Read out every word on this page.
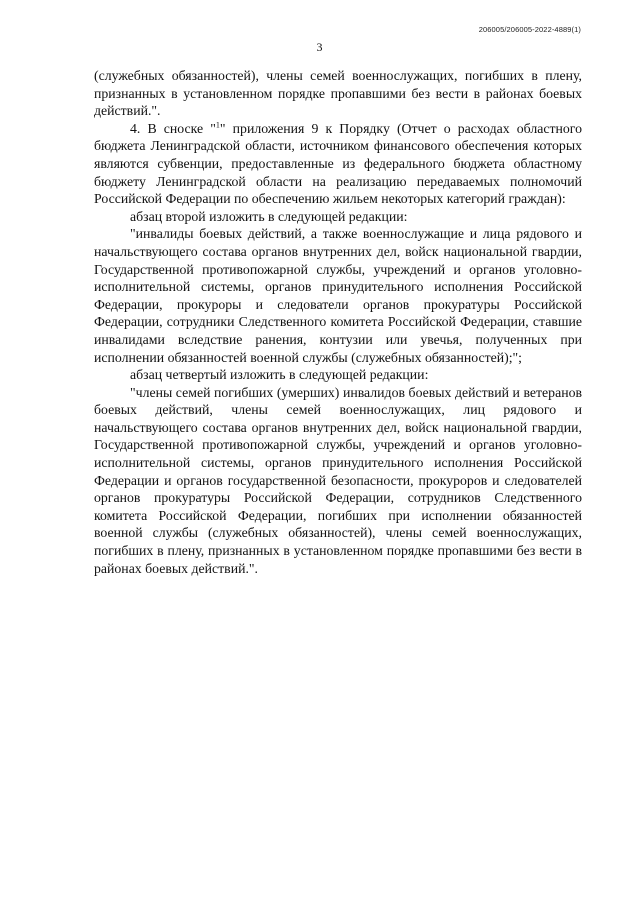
206005/206005-2022-4889(1)
3

(служебных обязанностей), члены семей военнослужащих, погибших в плену, признанных в установленном порядке пропавшими без вести в районах боевых действий.".

4. В сноске "$^1$" приложения 9 к Порядку (Отчет о расходах областного бюджета Ленинградской области, источником финансового обеспечения которых являются субвенции, предоставленные из федерального бюджета областному бюджету Ленинградской области на реализацию передаваемых полномочий Российской Федерации по обеспечению жильем некоторых категорий граждан):

абзац второй изложить в следующей редакции:

"инвалиды боевых действий, а также военнослужащие и лица рядового и начальствующего состава органов внутренних дел, войск национальной гвардии, Государственной противопожарной службы, учреждений и органов уголовно-исполнительной системы, органов принудительного исполнения Российской Федерации, прокуроры и следователи органов прокуратуры Российской Федерации, сотрудники Следственного комитета Российской Федерации, ставшие инвалидами вследствие ранения, контузии или увечья, полученных при исполнении обязанностей военной службы (служебных обязанностей);";

абзац четвертый изложить в следующей редакции:

"члены семей погибших (умерших) инвалидов боевых действий и ветеранов боевых действий, члены семей военнослужащих, лиц рядового и начальствующего состава органов внутренних дел, войск национальной гвардии, Государственной противопожарной службы, учреждений и органов уголовно-исполнительной системы, органов принудительного исполнения Российской Федерации и органов государственной безопасности, прокуроров и следователей органов прокуратуры Российской Федерации, сотрудников Следственного комитета Российской Федерации, погибших при исполнении обязанностей военной службы (служебных обязанностей), члены семей военнослужащих, погибших в плену, признанных в установленном порядке пропавшими без вести в районах боевых действий.".
